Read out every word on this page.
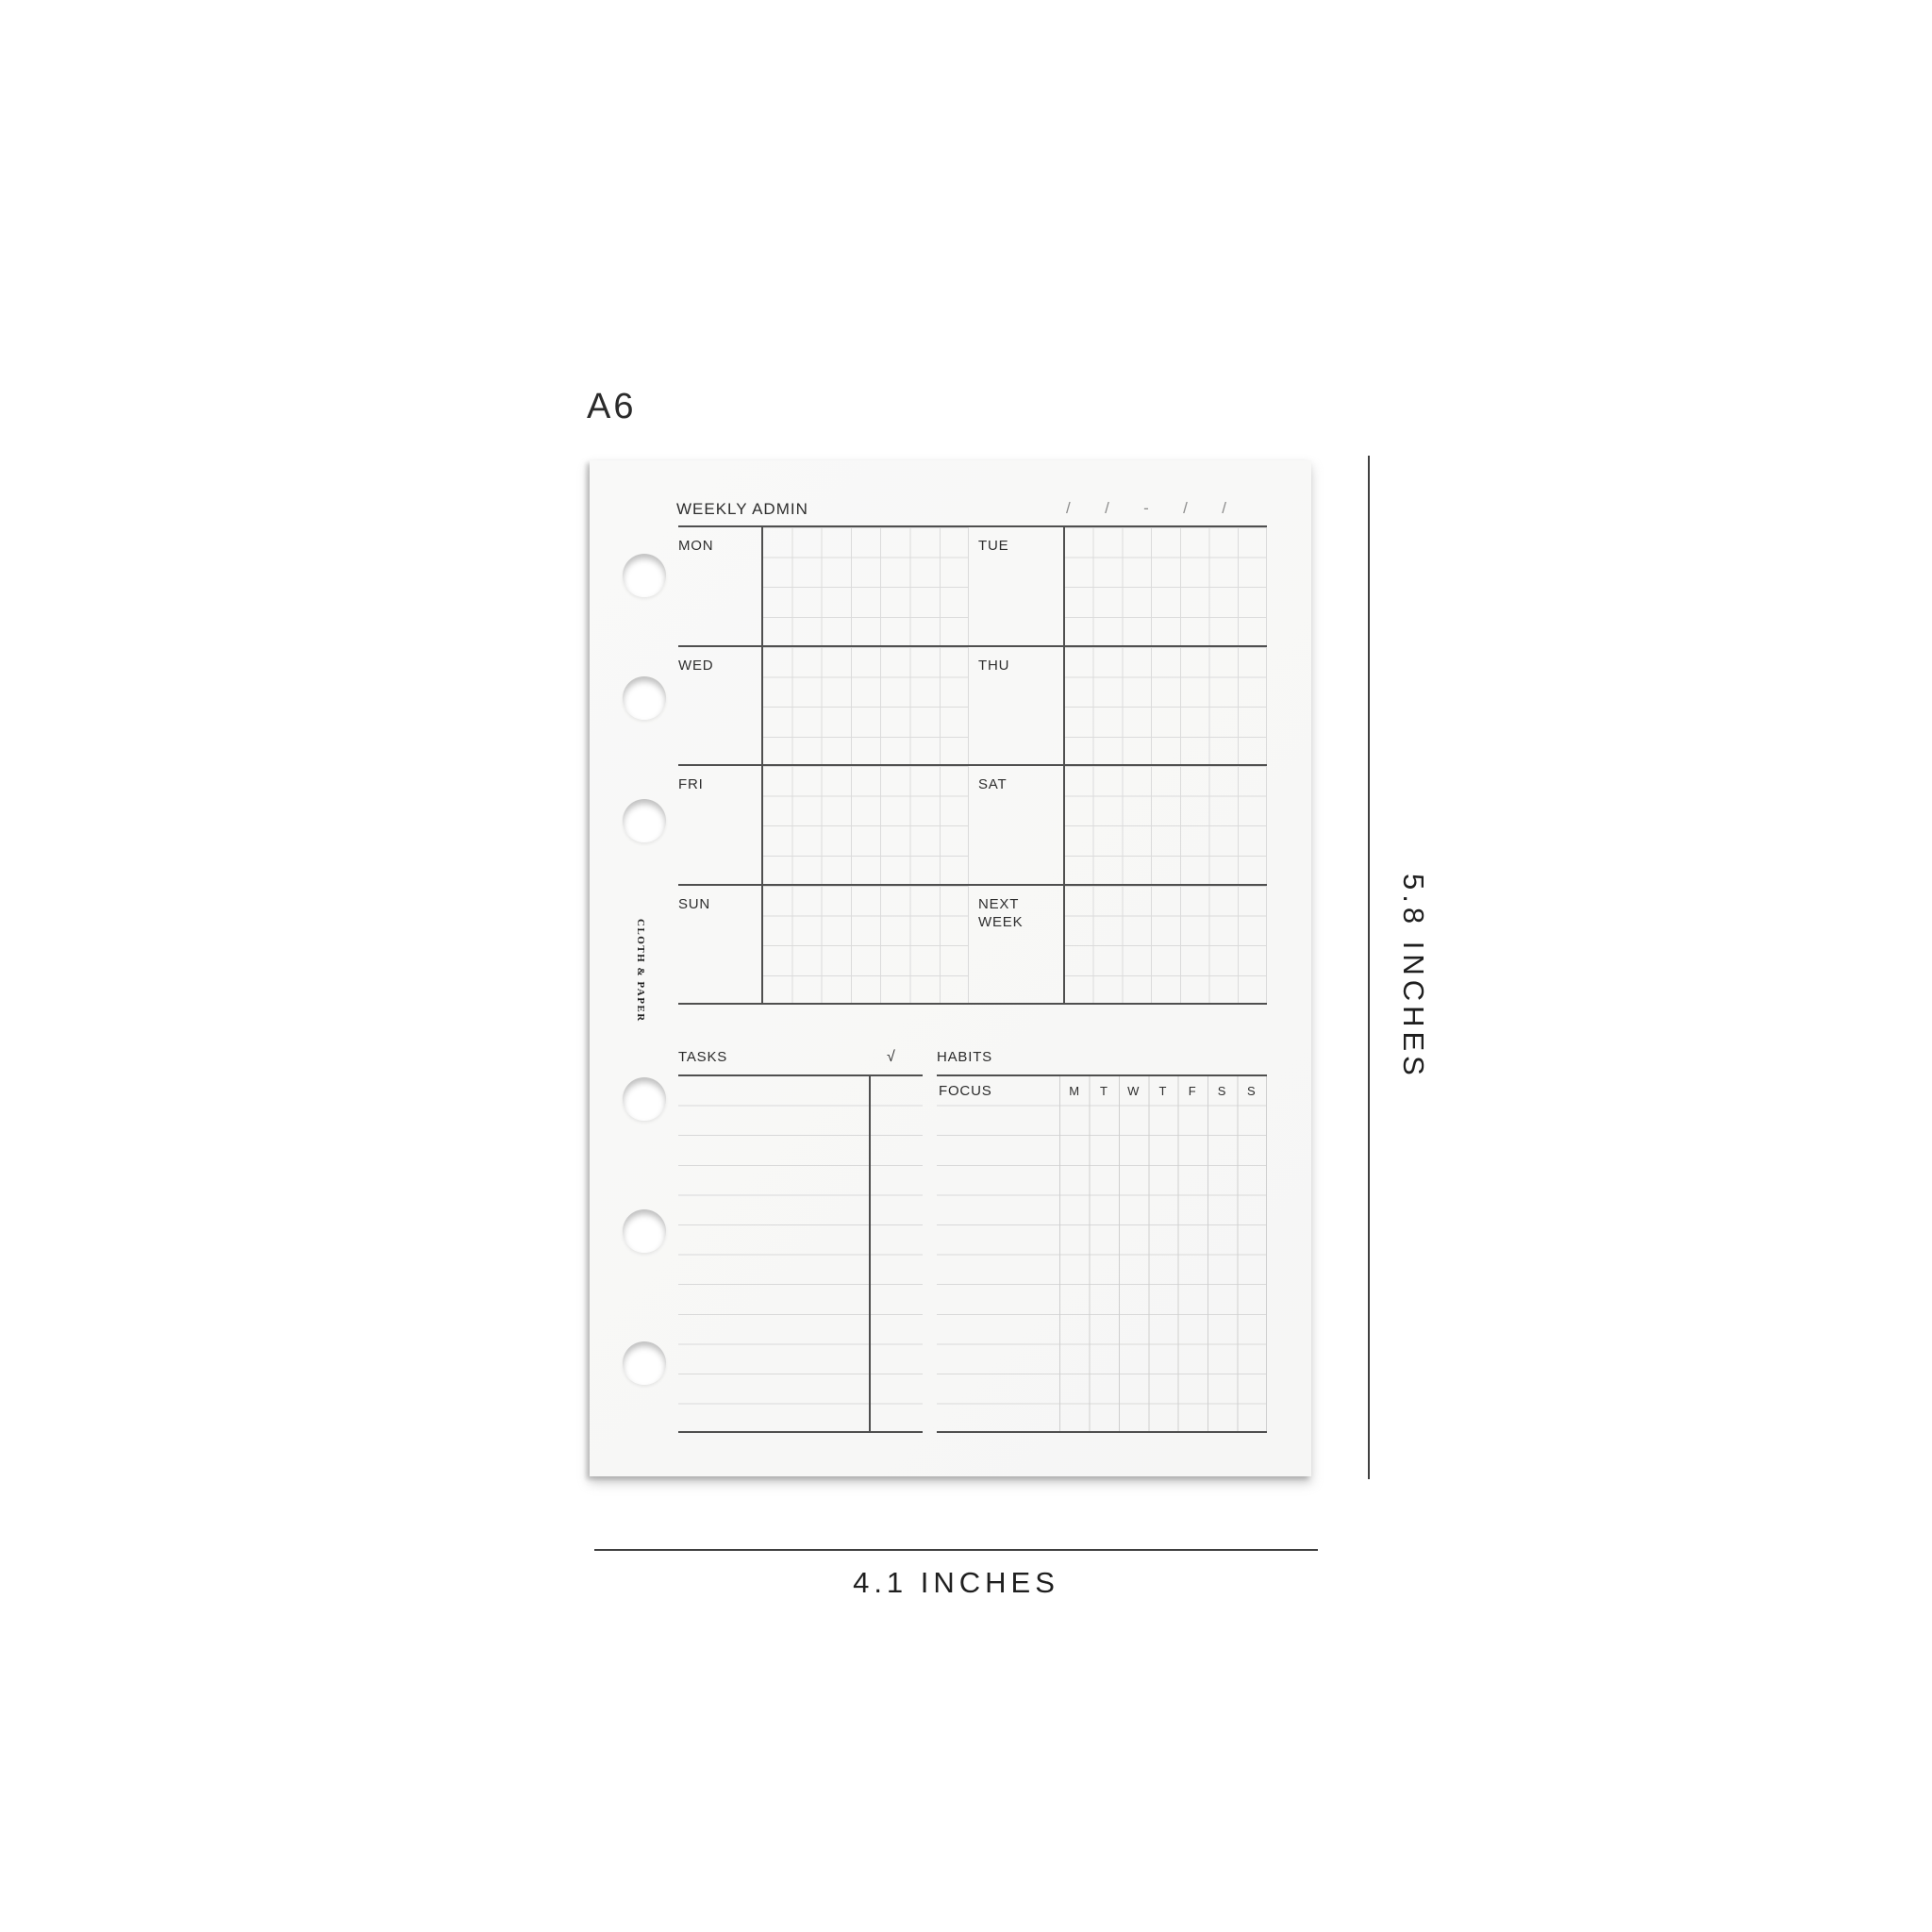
A6
CLOTH & PAPER
WEEKLY ADMIN	/ / - / /
MON	TUE
WED	THU
FRI	SAT
SUN	NEXT WEEK
TASKS	√	HABITS
FOCUS	M	T	W	T	F	S	S
5.8 INCHES
4.1 INCHES
